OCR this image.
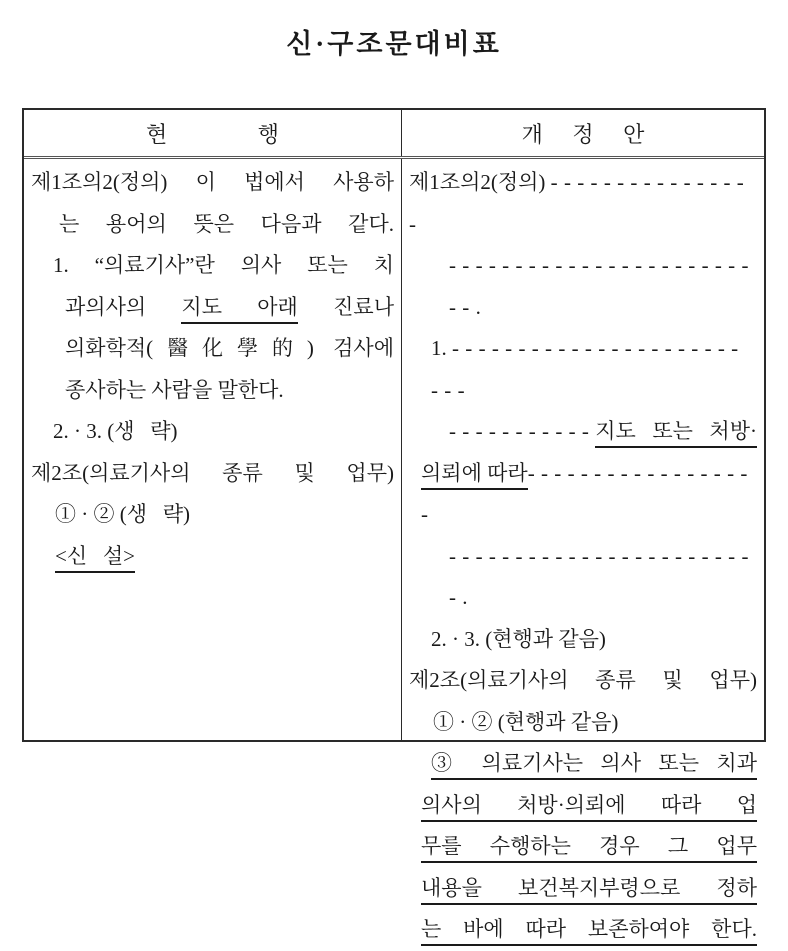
신·구조문대비표
현 행	개 정 안
제1조의2(정의) 이 법에서 사용하
는 용어의 뜻은 다음과 같다.
1. “의료기사”란 의사 또는 치
과의사의 지도 아래 진료나
의화학적(醫化學的) 검사에
종사하는 사람을 말한다.
2. · 3. (생   략)
제2조(의료기사의 종류 및 업무)
① · ② (생   략)
<신   설>
제1조의2(정의) ----------------
-------------------------.
1. -------------------------
-----------지도 또는 처방·
의뢰에 따라------------------
------------------------.
2. · 3. (현행과 같음)
제2조(의료기사의 종류 및 업무)
① · ② (현행과 같음)
③ 의료기사는 의사 또는 치과
의사의 처방·의뢰에 따라 업
무를 수행하는 경우 그 업무
내용을 보건복지부령으로 정하
는 바에 따라 보존하여야 한다.
